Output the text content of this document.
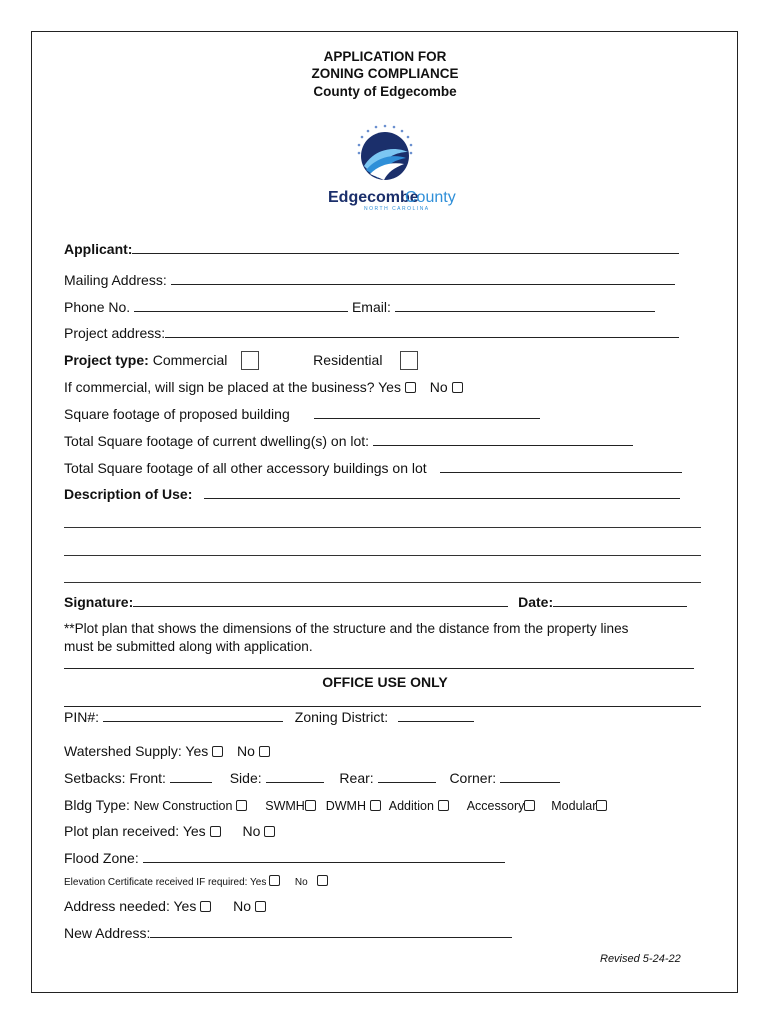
APPLICATION FOR
ZONING COMPLIANCE
County of Edgecombe
Edgecombe
County
NORTH CAROLINA
Applicant:
Mailing Address:
Phone No.	Email:
Project address:
Project type: Commercial	Residential
If commercial, will sign be placed at the business? Yes No
Square footage of proposed building
Total Square footage of current dwelling(s) on lot:
Total Square footage of all other accessory buildings on lot
Description of Use:
Signature:	Date:
**Plot plan that shows the dimensions of the structure and the distance from the property lines
must be submitted along with application.
OFFICE USE ONLY
PIN#:	Zoning District:
Watershed Supply: Yes No
Setbacks: Front:	Side:	Rear:	Corner:
Bldg Type: New Construction	SWMH DWMH Addition	Accessory Modular
Plot plan received: Yes	No
Flood Zone:
Elevation Certificate received IF required: Yes	No
Address needed: Yes	No
New Address:
Revised 5-24-22
